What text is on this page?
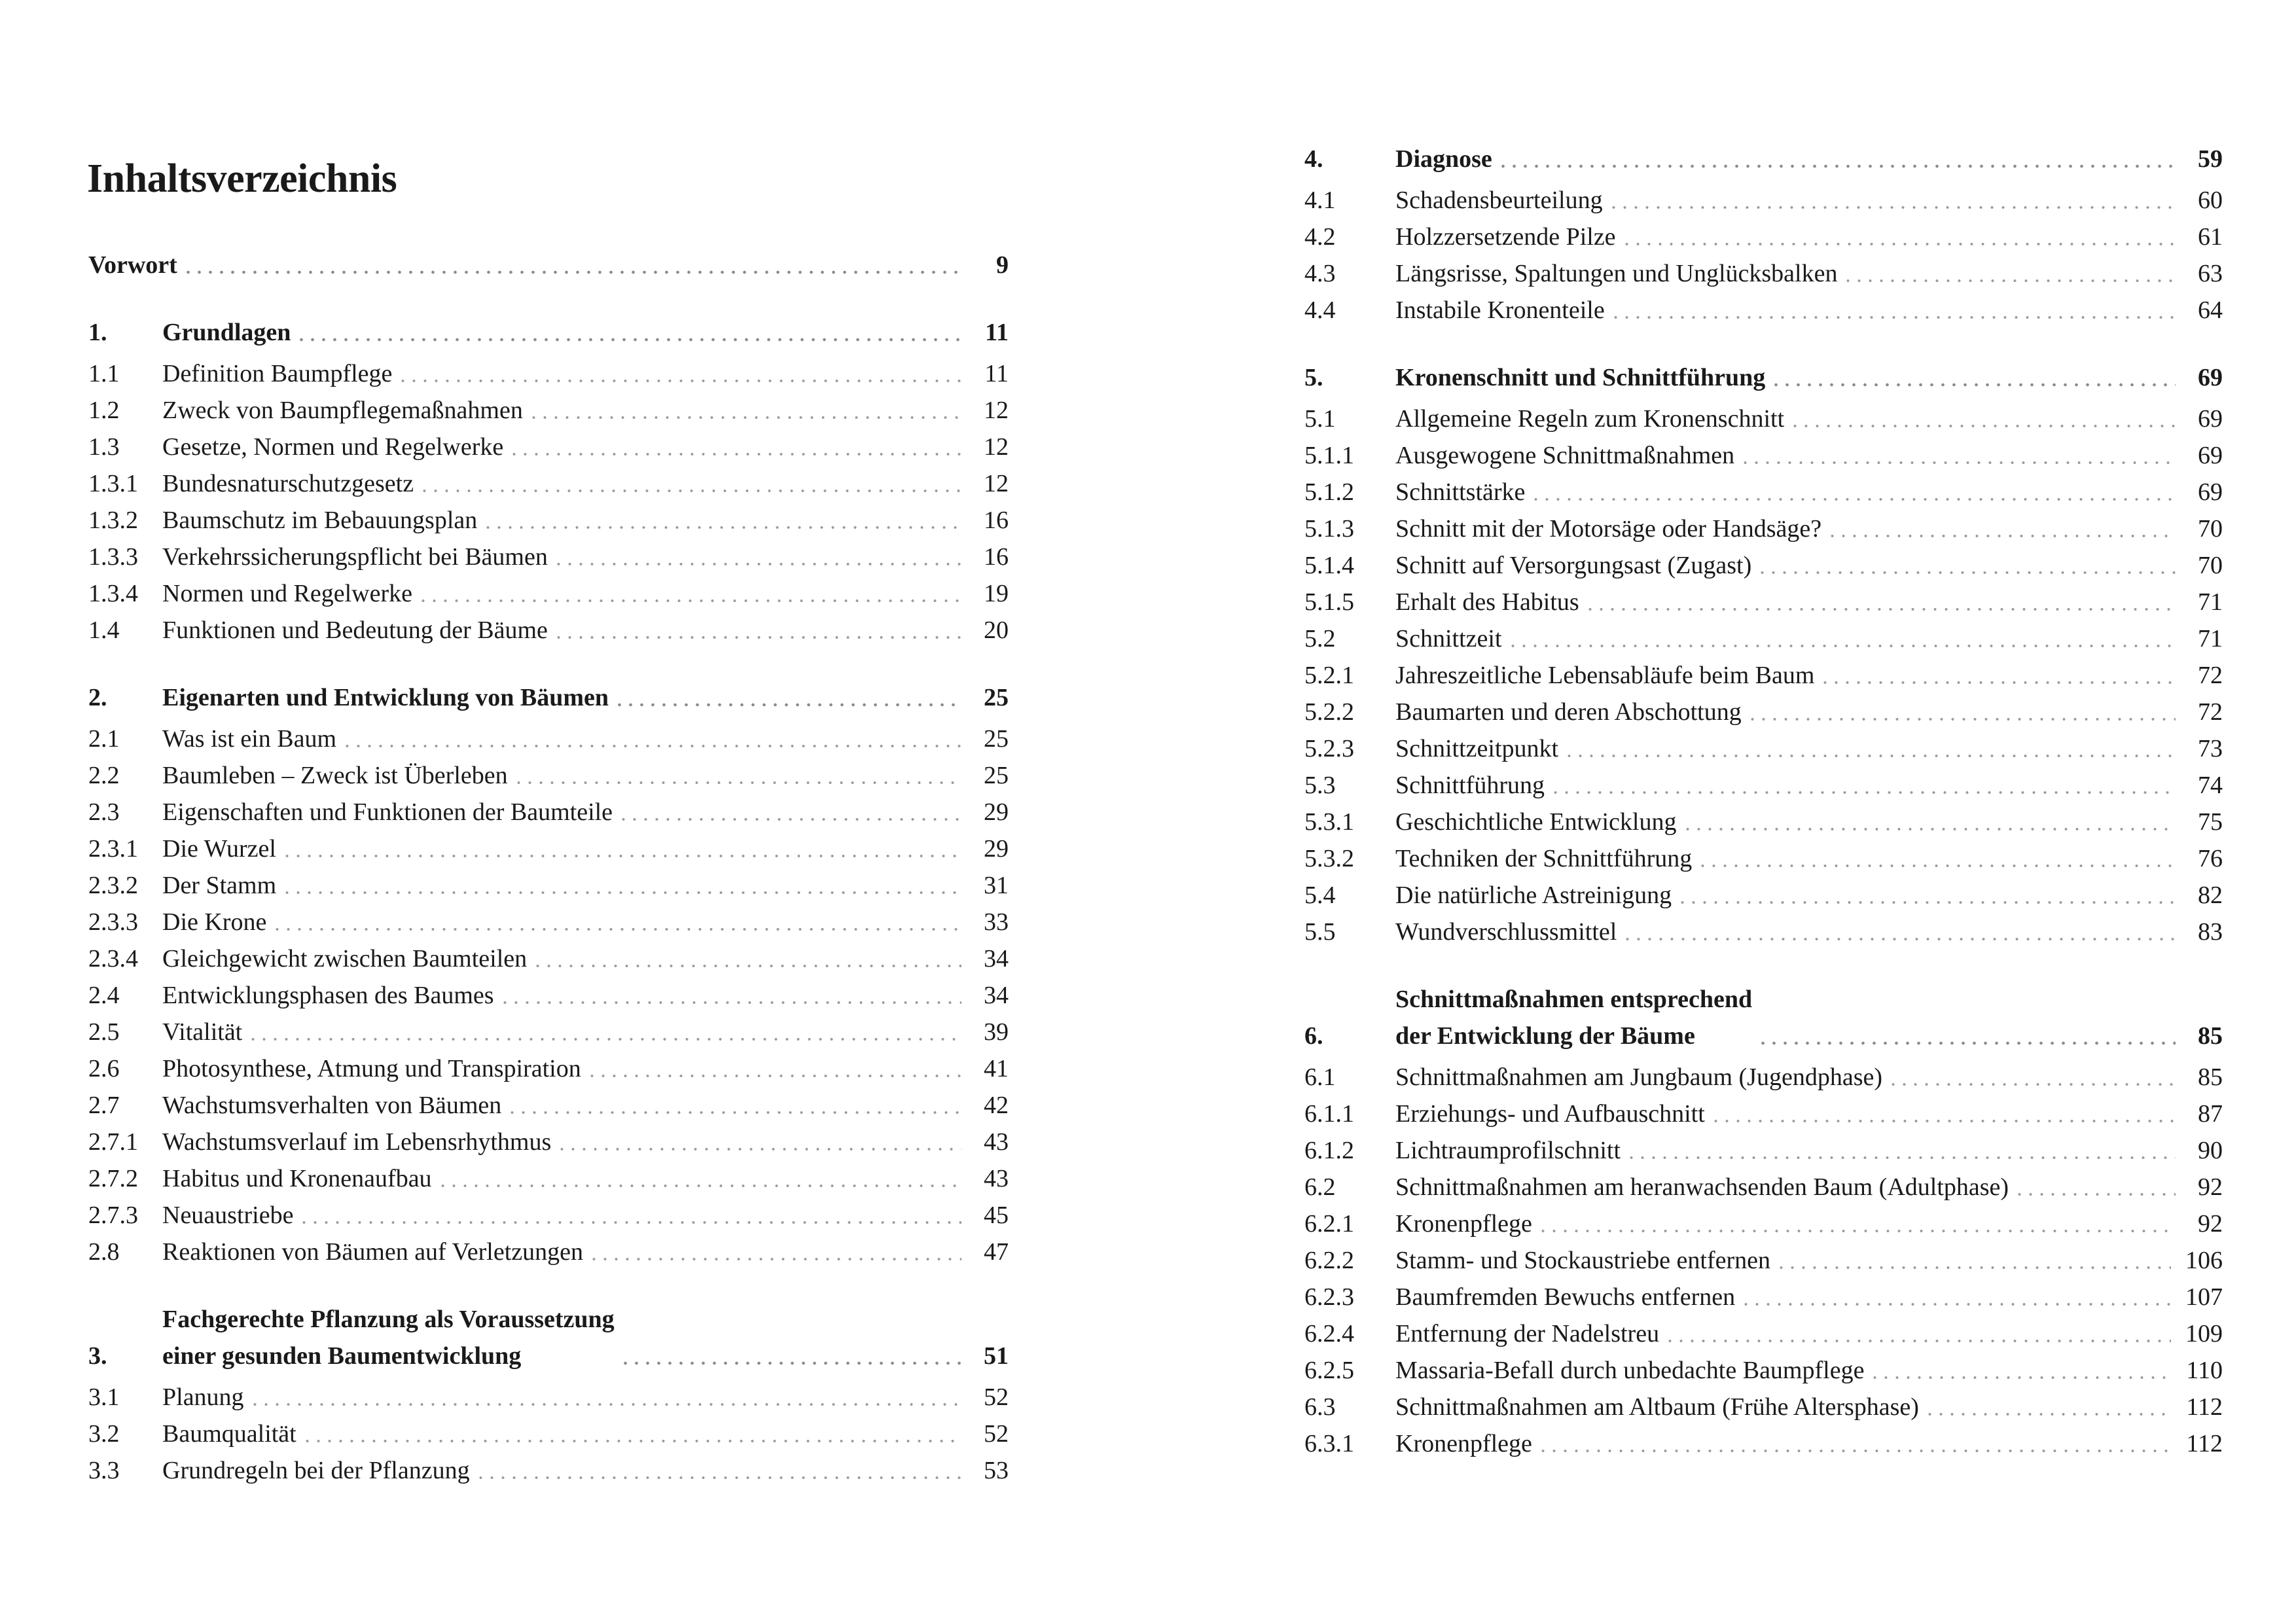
Inhaltsverzeichnis
Vorwort	9
1.	Grundlagen	11
1.1	Definition Baumpflege	11
1.2	Zweck von Baumpflegemaßnahmen	12
1.3	Gesetze, Normen und Regelwerke	12
1.3.1 Bundesnaturschutzgesetz	12
1.3.2 Baumschutz im Bebauungsplan	16
1.3.3 Verkehrssicherungspflicht bei Bäumen	16
1.3.4 Normen und Regelwerke	19
1.4	Funktionen und Bedeutung der Bäume	20
2.	Eigenarten und Entwicklung von Bäumen	25
2.1	Was ist ein Baum	25
2.2	Baumleben – Zweck ist Überleben	25
2.3	Eigenschaften und Funktionen der Baumteile	29
2.3.1 Die Wurzel	29
2.3.2 Der Stamm	31
2.3.3 Die Krone	33
2.3.4 Gleichgewicht zwischen Baumteilen	34
2.4	Entwicklungsphasen des Baumes	34
2.5	Vitalität	39
2.6	Photosynthese, Atmung und Transpiration	41
2.7	Wachstumsverhalten von Bäumen	42
2.7.1 Wachstumsverlauf im Lebensrhythmus	43
2.7.2 Habitus und Kronenaufbau	43
2.7.3 Neuaustriebe	45
2.8	Reaktionen von Bäumen auf Verletzungen	47
3.
Fachgerechte Pflanzung als Voraussetzung
einer gesunden Baumentwicklung	51
3.1	Planung	52
3.2	Baumqualität	52
3.3	Grundregeln bei der Pflanzung	53
4.	Diagnose	59
4.1	Schadensbeurteilung	60
4.2	Holzzersetzende Pilze	61
4.3	Längsrisse, Spaltungen und Unglücksbalken	63
4.4	Instabile Kronenteile	64
5.	Kronenschnitt und Schnittführung	69
5.1	Allgemeine Regeln zum Kronenschnitt	69
5.1.1	Ausgewogene Schnittmaßnahmen	69
5.1.2	Schnittstärke	69
5.1.3	Schnitt mit der Motorsäge oder Handsäge?	70
5.1.4	Schnitt auf Versorgungsast (Zugast)	70
5.1.5	Erhalt des Habitus	71
5.2	Schnittzeit	71
5.2.1	Jahreszeitliche Lebensabläufe beim Baum	72
5.2.2	Baumarten und deren Abschottung	72
5.2.3	Schnittzeitpunkt	73
5.3	Schnittführung	74
5.3.1	Geschichtliche Entwicklung	75
5.3.2	Techniken der Schnittführung	76
5.4	Die natürliche Astreinigung	82
5.5	Wundverschlussmittel	83
6.
Schnittmaßnahmen entsprechend
der Entwicklung der Bäume	85
6.1	Schnittmaßnahmen am Jungbaum (Jugendphase)	85
6.1.1	Erziehungs- und Aufbauschnitt	87
6.1.2	Lichtraumprofilschnitt	90
6.2	Schnittmaßnahmen am heranwachsenden Baum (Adultphase)	92
6.2.1	Kronenpflege	92
6.2.2	Stamm- und Stockaustriebe entfernen	106
6.2.3	Baumfremden Bewuchs entfernen	107
6.2.4	Entfernung der Nadelstreu	109
6.2.5	Massaria-Befall durch unbedachte Baumpflege	110
6.3	Schnittmaßnahmen am Altbaum (Frühe Altersphase)	112
6.3.1	Kronenpflege	112
